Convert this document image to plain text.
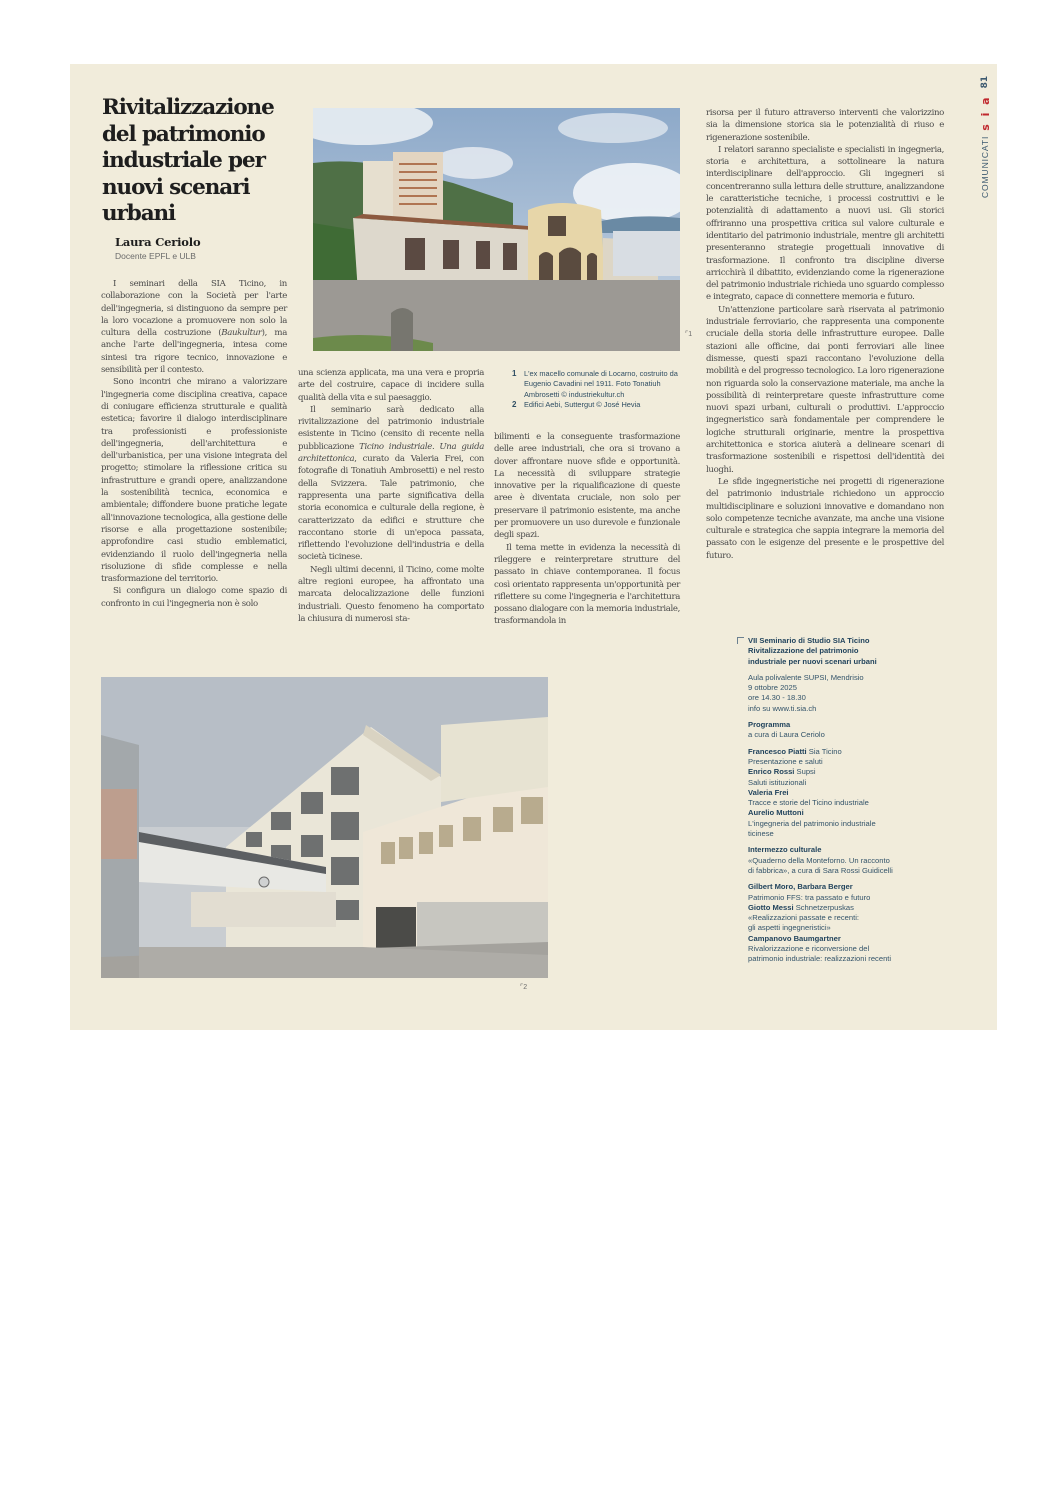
COMUNICATI
s i a
81
Rivitalizzazione del patrimonio industriale per nuovi scenari urbani
Laura Ceriolo
Docente EPFL e ULB

I seminari della SIA Ticino, in collaborazione con la Società per l'arte dell'ingegneria, si distinguono da sempre per la loro vocazione a promuovere non solo la cultura della costruzione (Baukultur), ma anche l'arte dell'ingegneria, intesa come sintesi tra rigore tecnico, innovazione e sensibilità per il contesto.

Sono incontri che mirano a valorizzare l'ingegneria come disciplina creativa, capace di coniugare efficienza strutturale e qualità estetica; favorire il dialogo interdisciplinare tra professionisti e professioniste dell'ingegneria, dell'architettura e dell'urbanistica, per una visione integrata del progetto; stimolare la riflessione critica su infrastrutture e grandi opere, analizzandone la sostenibilità tecnica, economica e ambientale; diffondere buone pratiche legate all'innovazione tecnologica, alla gestione delle risorse e alla progettazione sostenibile; approfondire casi studio emblematici, evidenziando il ruolo dell'ingegneria nella risoluzione di sfide complesse e nella trasformazione del territorio.

Si configura un dialogo come spazio di confronto in cui l'ingegneria non è solo

⌜1
1 L'ex macello comunale di Locarno, costruito da Eugenio Cavadini nel 1911. Foto Tonatiuh Ambrosetti © industriekultur.ch
2 Edifici Aebi, Suttergut © José Hevia

una scienza applicata, ma una vera e propria arte del costruire, capace di incidere sulla qualità della vita e sul paesaggio.

Il seminario sarà dedicato alla rivitalizzazione del patrimonio industriale esistente in Ticino (censito di recente nella pubblicazione Ticino industriale. Una guida architettonica, curato da Valeria Frei, con fotografie di Tonatiuh Ambrosetti) e nel resto della Svizzera. Tale patrimonio, che rappresenta una parte significativa della storia economica e culturale della regione, è caratterizzato da edifici e strutture che raccontano storie di un'epoca passata, riflettendo l'evoluzione dell'industria e della società ticinese.

Negli ultimi decenni, il Ticino, come molte altre regioni europee, ha affrontato una marcata delocalizzazione delle funzioni industriali. Questo fenomeno ha comportato la chiusura di numerosi sta-

bilimenti e la conseguente trasformazione delle aree industriali, che ora si trovano a dover affrontare nuove sfide e opportunità. La necessità di sviluppare strategie innovative per la riqualificazione di queste aree è diventata cruciale, non solo per preservare il patrimonio esistente, ma anche per promuovere un uso durevole e funzionale degli spazi.

Il tema mette in evidenza la necessità di rileggere e reinterpretare strutture del passato in chiave contemporanea. Il focus così orientato rappresenta un'opportunità per riflettere su come l'ingegneria e l'architettura possano dialogare con la memoria industriale, trasformandola in

risorsa per il futuro attraverso interventi che valorizzino sia la dimensione storica sia le potenzialità di riuso e rigenerazione sostenibile.

I relatori saranno specialiste e specialisti in ingegneria, storia e architettura, a sottolineare la natura interdisciplinare dell'approccio. Gli ingegneri si concentreranno sulla lettura delle strutture, analizzandone le caratteristiche tecniche, i processi costruttivi e le potenzialità di adattamento a nuovi usi. Gli storici offriranno una prospettiva critica sul valore culturale e identitario del patrimonio industriale, mentre gli architetti presenteranno strategie progettuali innovative di trasformazione. Il confronto tra discipline diverse arricchirà il dibattito, evidenziando come la rigenerazione del patrimonio industriale richieda uno sguardo complesso e integrato, capace di connettere memoria e futuro.

Un'attenzione particolare sarà riservata al patrimonio industriale ferroviario, che rappresenta una componente cruciale della storia delle infrastrutture europee. Dalle stazioni alle officine, dai ponti ferroviari alle linee dismesse, questi spazi raccontano l'evoluzione della mobilità e del progresso tecnologico. La loro rigenerazione non riguarda solo la conservazione materiale, ma anche la possibilità di reinterpretare queste infrastrutture come nuovi spazi urbani, culturali o produttivi. L'approccio ingegneristico sarà fondamentale per comprendere le logiche strutturali originarie, mentre la prospettiva architettonica e storica aiuterà a delineare scenari di trasformazione sostenibili e rispettosi dell'identità dei luoghi.

Le sfide ingegneristiche nei progetti di rigenerazione del patrimonio industriale richiedono un approccio multidisciplinare e soluzioni innovative e domandano non solo competenze tecniche avanzate, ma anche una visione culturale e strategica che sappia integrare la memoria del passato con le esigenze del presente e le prospettive del futuro.

⌜2
VII Seminario di Studio SIA Ticino
Rivitalizzazione del patrimonio
industriale per nuovi scenari urbani
Aula polivalente SUPSI, Mendrisio
9 ottobre 2025
ore 14.30 - 18.30
info su www.ti.sia.ch
Programma
a cura di Laura Ceriolo
Francesco Piatti Sia Ticino
Presentazione e saluti
Enrico Rossi Supsi
Saluti istituzionali
Valeria Frei
Tracce e storie del Ticino industriale
Aurelio Muttoni
L'ingegneria del patrimonio industriale
ticinese
Intermezzo culturale
«Quaderno della Monteforno. Un racconto
di fabbrica», a cura di Sara Rossi Guidicelli
Gilbert Moro, Barbara Berger
Patrimonio FFS: tra passato e futuro
Giotto Messi Schnetzerpuskas
«Realizzazioni passate e recenti:
gli aspetti ingegneristici»
Campanovo Baumgartner
Rivalorizzazione e riconversione del
patrimonio industriale: realizzazioni recenti
